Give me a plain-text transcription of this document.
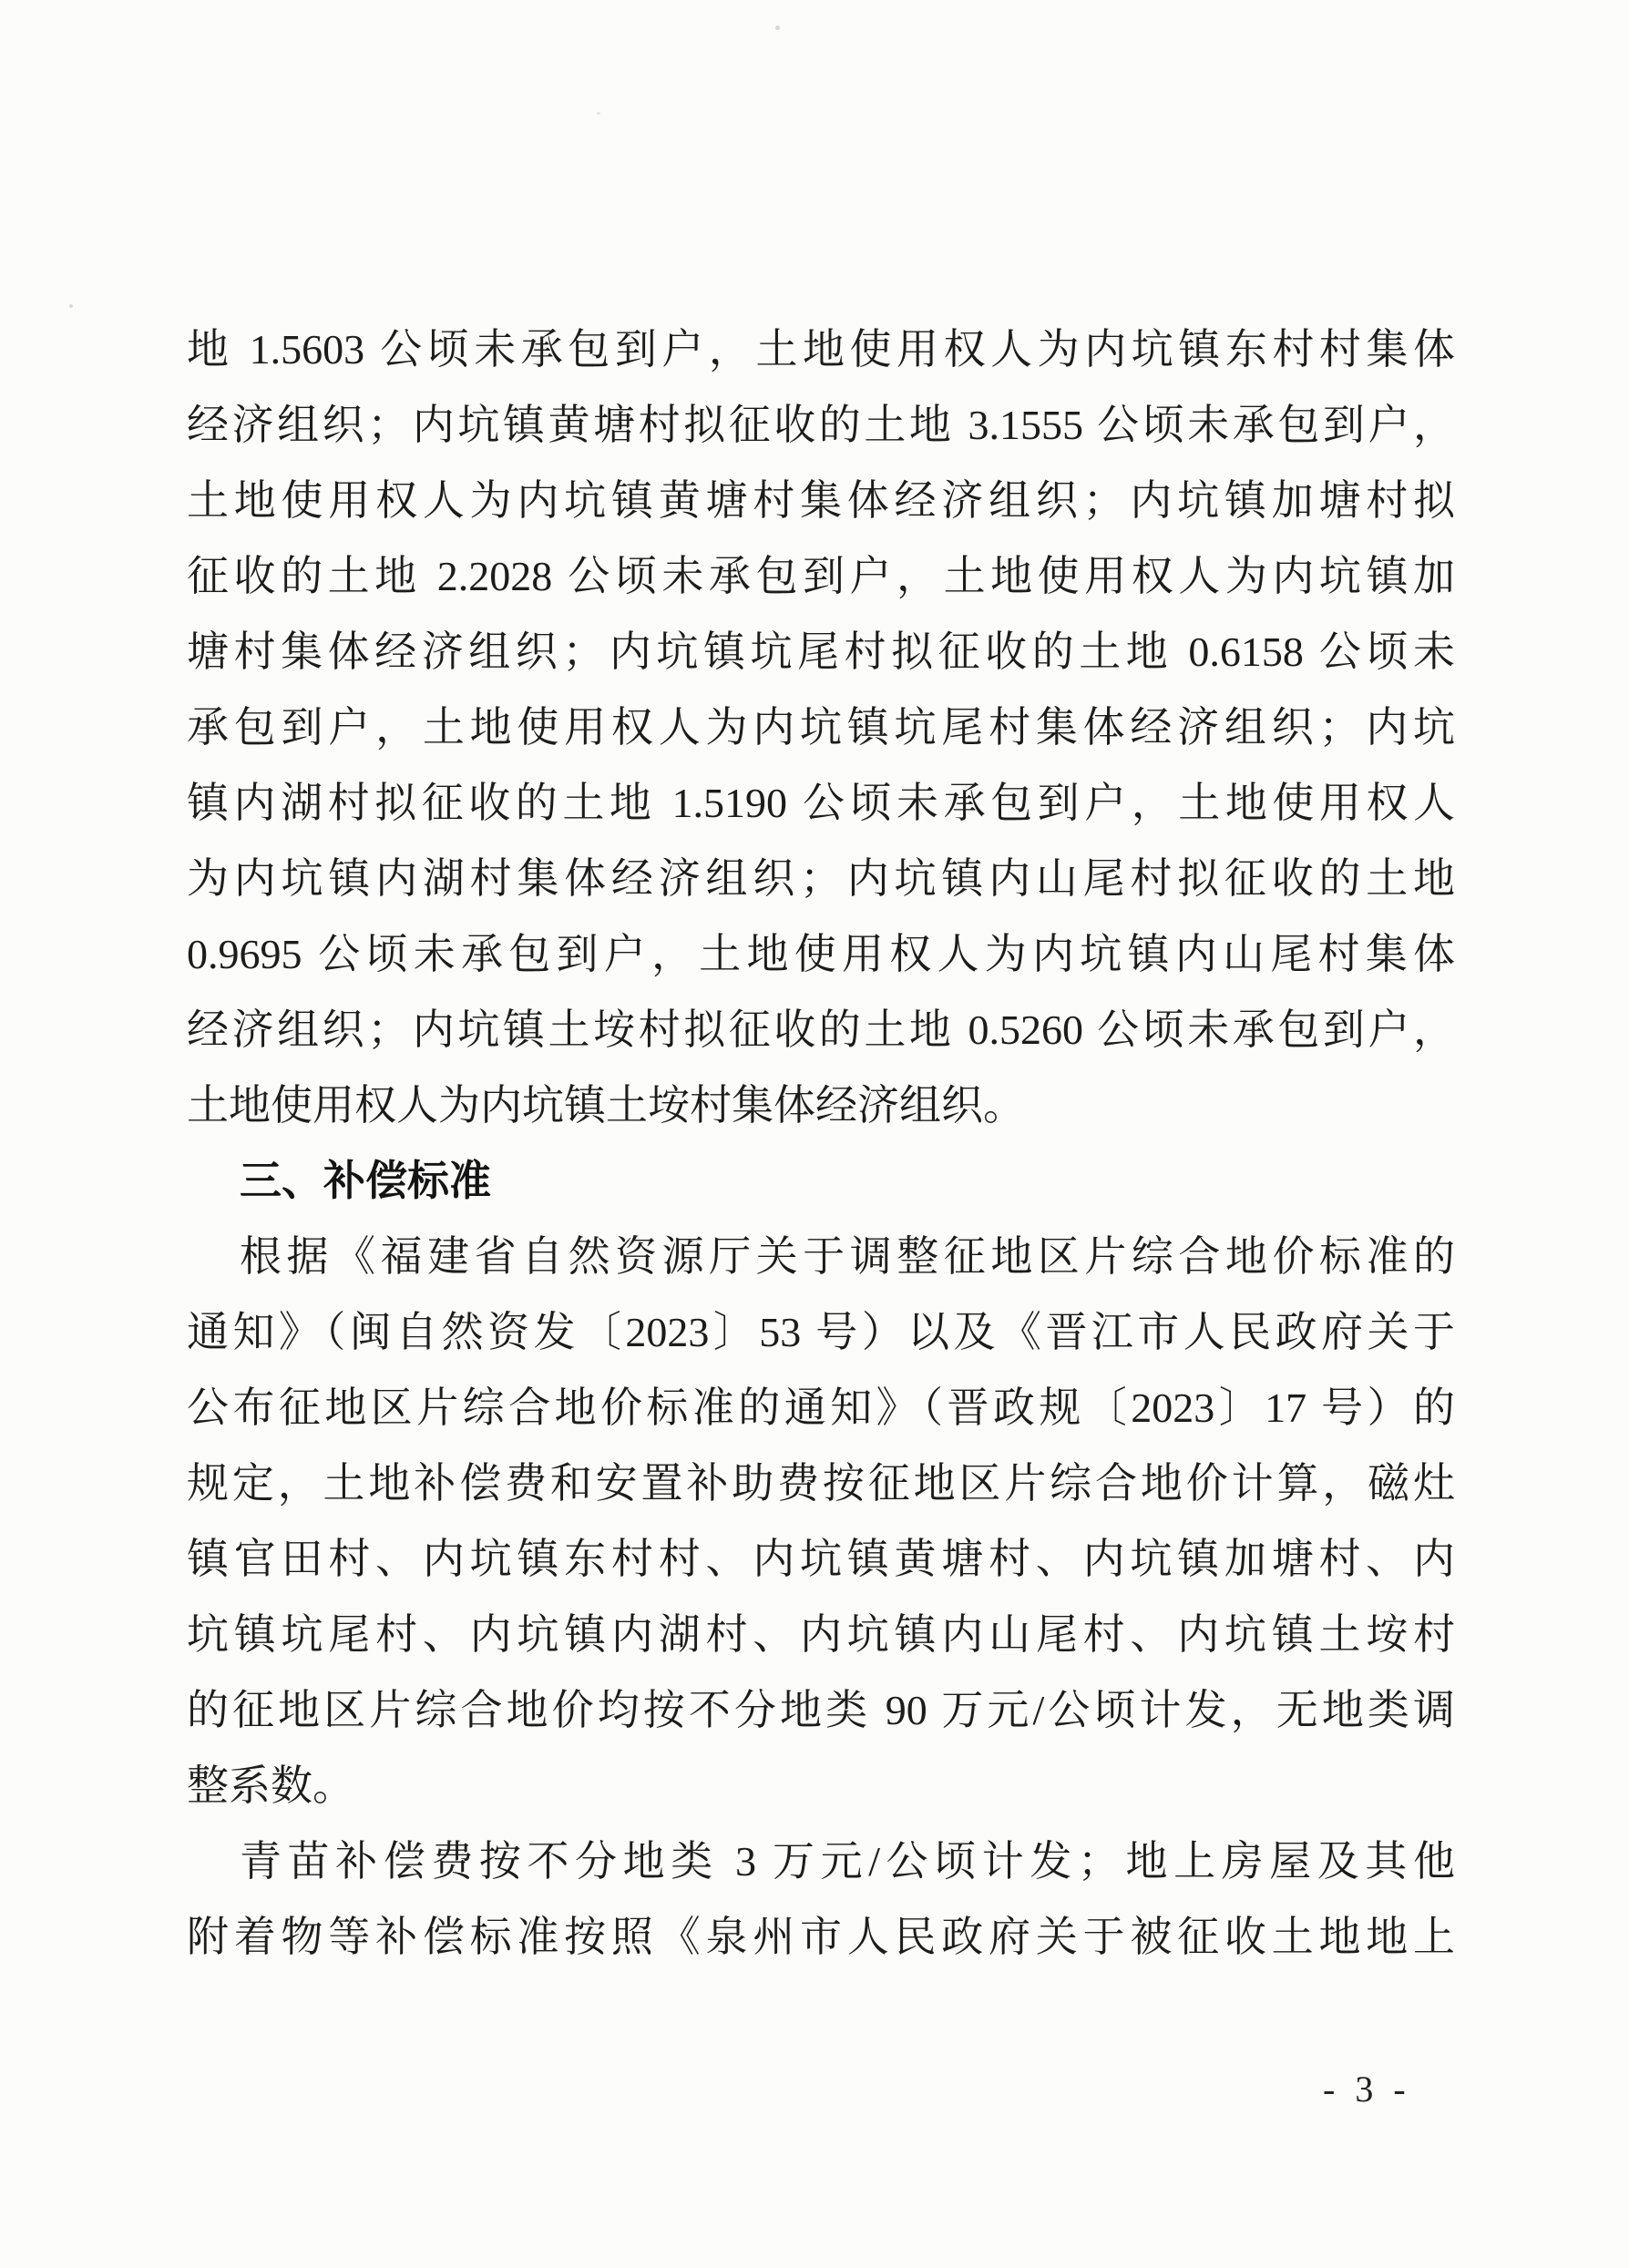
地 1.5603 公顷未承包到户，土地使用权人为内坑镇东村村集体
经济组织；内坑镇黄塘村拟征收的土地 3.1555 公顷未承包到户，
土地使用权人为内坑镇黄塘村集体经济组织；内坑镇加塘村拟
征收的土地 2.2028 公顷未承包到户，土地使用权人为内坑镇加
塘村集体经济组织；内坑镇坑尾村拟征收的土地 0.6158 公顷未
承包到户，土地使用权人为内坑镇坑尾村集体经济组织；内坑
镇内湖村拟征收的土地 1.5190 公顷未承包到户，土地使用权人
为内坑镇内湖村集体经济组织；内坑镇内山尾村拟征收的土地
0.9695 公顷未承包到户，土地使用权人为内坑镇内山尾村集体
经济组织；内坑镇土垵村拟征收的土地 0.5260 公顷未承包到户，
土地使用权人为内坑镇土垵村集体经济组织。
三、补偿标准
根据《福建省自然资源厅关于调整征地区片综合地价标准的
通知》（闽自然资发〔2023〕53 号）以及《晋江市人民政府关于
公布征地区片综合地价标准的通知》（晋政规〔2023〕17 号）的
规定，土地补偿费和安置补助费按征地区片综合地价计算，磁灶
镇官田村、内坑镇东村村、内坑镇黄塘村、内坑镇加塘村、内
坑镇坑尾村、内坑镇内湖村、内坑镇内山尾村、内坑镇土垵村
的征地区片综合地价均按不分地类 90 万元/公顷计发，无地类调
整系数。
青苗补偿费按不分地类 3 万元/公顷计发；地上房屋及其他
附着物等补偿标准按照《泉州市人民政府关于被征收土地地上
- 3 -
